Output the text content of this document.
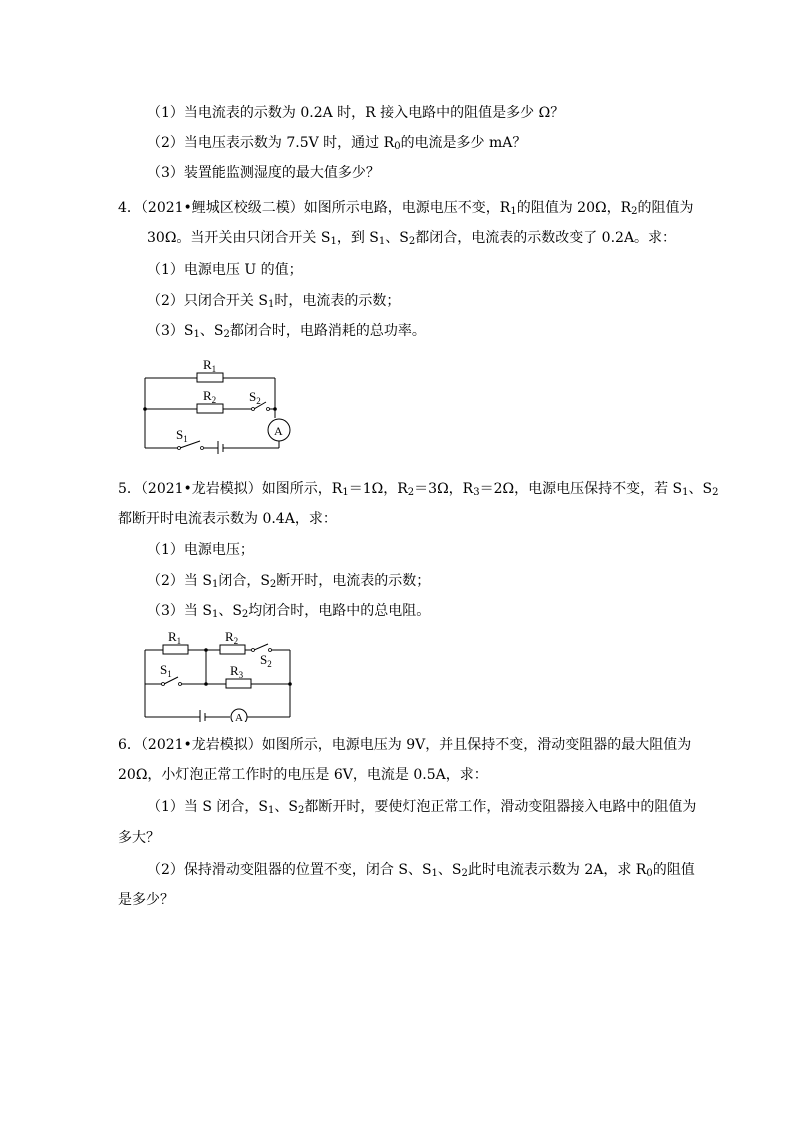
（1）当电流表的示数为 0.2A 时，R 接入电路中的阻值是多少 Ω？
（2）当电压表示数为 7.5V 时，通过 $R_0$的电流是多少 mA？
（3）装置能监测湿度的最大值多少？
4．（2021•鲤城区校级二模）如图所示电路，电源电压不变，$R_1$的阻值为 20Ω，$R_2$的阻值为
30Ω。当开关由只闭合开关 $S_1$，到 $S_1$、$S_2$都闭合，电流表的示数改变了 0.2A。求：
（1）电源电压 U 的值；
（2）只闭合开关 $S_1$时，电流表的示数；
$(3)S_1$、$S_2$都闭合时，电路消耗的总功率。
$R_1$
$R_2$	$S_2$
$S_1$
A
5．（2021•龙岩模拟）如图所示，$R_1=1\Omega$，$R_2=3\Omega$，$R_3=2\Omega$，电源电压保持不变，若 $S_1$、$S_2$
都断开时电流表示数为 0.4A，求：
（1）电源电压；
（2）当 $S_1$闭合，$S_2$断开时，电流表的示数；
（3）当 $S_1$、$S_2$均闭合时，电路中的总电阻。
$R_1$	$R_2$
$S_2$
$S_1$	$R_3$
A
6．（2021•龙岩模拟）如图所示，电源电压为 9V，并且保持不变，滑动变阻器的最大阻值为
20Ω，小灯泡正常工作时的电压是 6V，电流是 0.5A，求：
（1）当 S 闭合，$S_1$、$S_2$都断开时，要使灯泡正常工作，滑动变阻器接入电路中的阻值为
多大？
（2）保持滑动变阻器的位置不变，闭合 S、$S_1$、$S_2$此时电流表示数为 2A，求 $R_0$的阻值
是多少？
